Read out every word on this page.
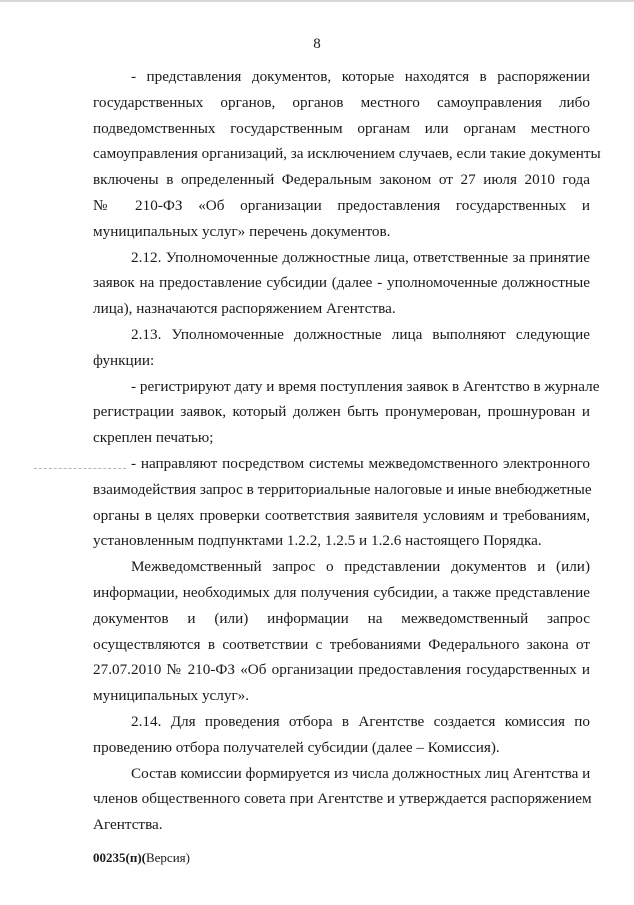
8
- представления документов, которые находятся в распоряжении
государственных органов, органов местного самоуправления либо
подведомственных государственным органам или органам местного
самоуправления организаций, за исключением случаев, если такие документы
включены в определенный Федеральным законом от 27 июля 2010 года
№ 210-ФЗ «Об организации предоставления государственных и
муниципальных услуг» перечень документов.
2.12. Уполномоченные должностные лица, ответственные за принятие
заявок на предоставление субсидии (далее - уполномоченные должностные
лица), назначаются распоряжением Агентства.
2.13. Уполномоченные должностные лица выполняют следующие
функции:
- регистрируют дату и время поступления заявок в Агентство в журнале
регистрации заявок, который должен быть пронумерован, прошнурован и
скреплен печатью;
- направляют посредством системы межведомственного электронного
взаимодействия запрос в территориальные налоговые и иные внебюджетные
органы в целях проверки соответствия заявителя условиям и требованиям,
установленным подпунктами 1.2.2, 1.2.5 и 1.2.6 настоящего Порядка.
Межведомственный запрос о представлении документов и (или)
информации, необходимых для получения субсидии, а также представление
документов и (или) информации на межведомственный запрос
осуществляются в соответствии с требованиями Федерального закона от
27.07.2010 № 210-ФЗ «Об организации предоставления государственных и
муниципальных услуг».
2.14. Для проведения отбора в Агентстве создается комиссия по
проведению отбора получателей субсидии (далее – Комиссия).
Состав комиссии формируется из числа должностных лиц Агентства и
членов общественного совета при Агентстве и утверждается распоряжением
Агентства.
00235(п)(Версия)
